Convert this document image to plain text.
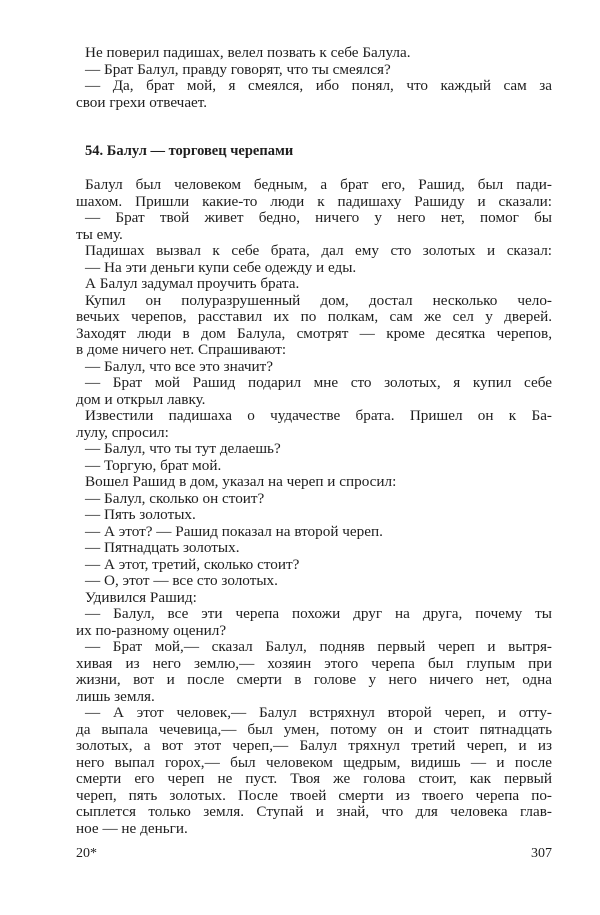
Не поверил падишах, велел позвать к себе Балула.
— Брат Балул, правду говорят, что ты смеялся?
— Да, брат мой, я смеялся, ибо понял, что каждый сам за
свои грехи отвечает.
54. Балул — торговец черепами
Балул был человеком бедным, а брат его, Рашид, был пади-
шахом. Пришли какие-то люди к падишаху Рашиду и сказали:
— Брат твой живет бедно, ничего у него нет, помог бы
ты ему.
Падишах вызвал к себе брата, дал ему сто золотых и сказал:
— На эти деньги купи себе одежду и еды.
А Балул задумал проучить брата.
Купил он полуразрушенный дом, достал несколько чело-
вечьих черепов, расставил их по полкам, сам же сел у дверей.
Заходят люди в дом Балула, смотрят — кроме десятка черепов,
в доме ничего нет. Спрашивают:
— Балул, что все это значит?
— Брат мой Рашид подарил мне сто золотых, я купил себе
дом и открыл лавку.
Известили падишаха о чудачестве брата. Пришел он к Ба-
лулу, спросил:
— Балул, что ты тут делаешь?
— Торгую, брат мой.
Вошел Рашид в дом, указал на череп и спросил:
— Балул, сколько он стоит?
— Пять золотых.
— А этот? — Рашид показал на второй череп.
— Пятнадцать золотых.
— А этот, третий, сколько стоит?
— О, этот — все сто золотых.
Удивился Рашид:
— Балул, все эти черепа похожи друг на друга, почему ты
их по-разному оценил?
— Брат мой,— сказал Балул, подняв первый череп и вытря-
хивая из него землю,— хозяин этого черепа был глупым при
жизни, вот и после смерти в голове у него ничего нет, одна
лишь земля.
— А этот человек,— Балул встряхнул второй череп, и отту-
да выпала чечевица,— был умен, потому он и стоит пятнадцать
золотых, а вот этот череп,— Балул тряхнул третий череп, и из
него выпал горох,— был человеком щедрым, видишь — и после
смерти его череп не пуст. Твоя же голова стоит, как первый
череп, пять золотых. После твоей смерти из твоего черепа по-
сыплется только земля. Ступай и знай, что для человека глав-
ное — не деньги.
20*	307
